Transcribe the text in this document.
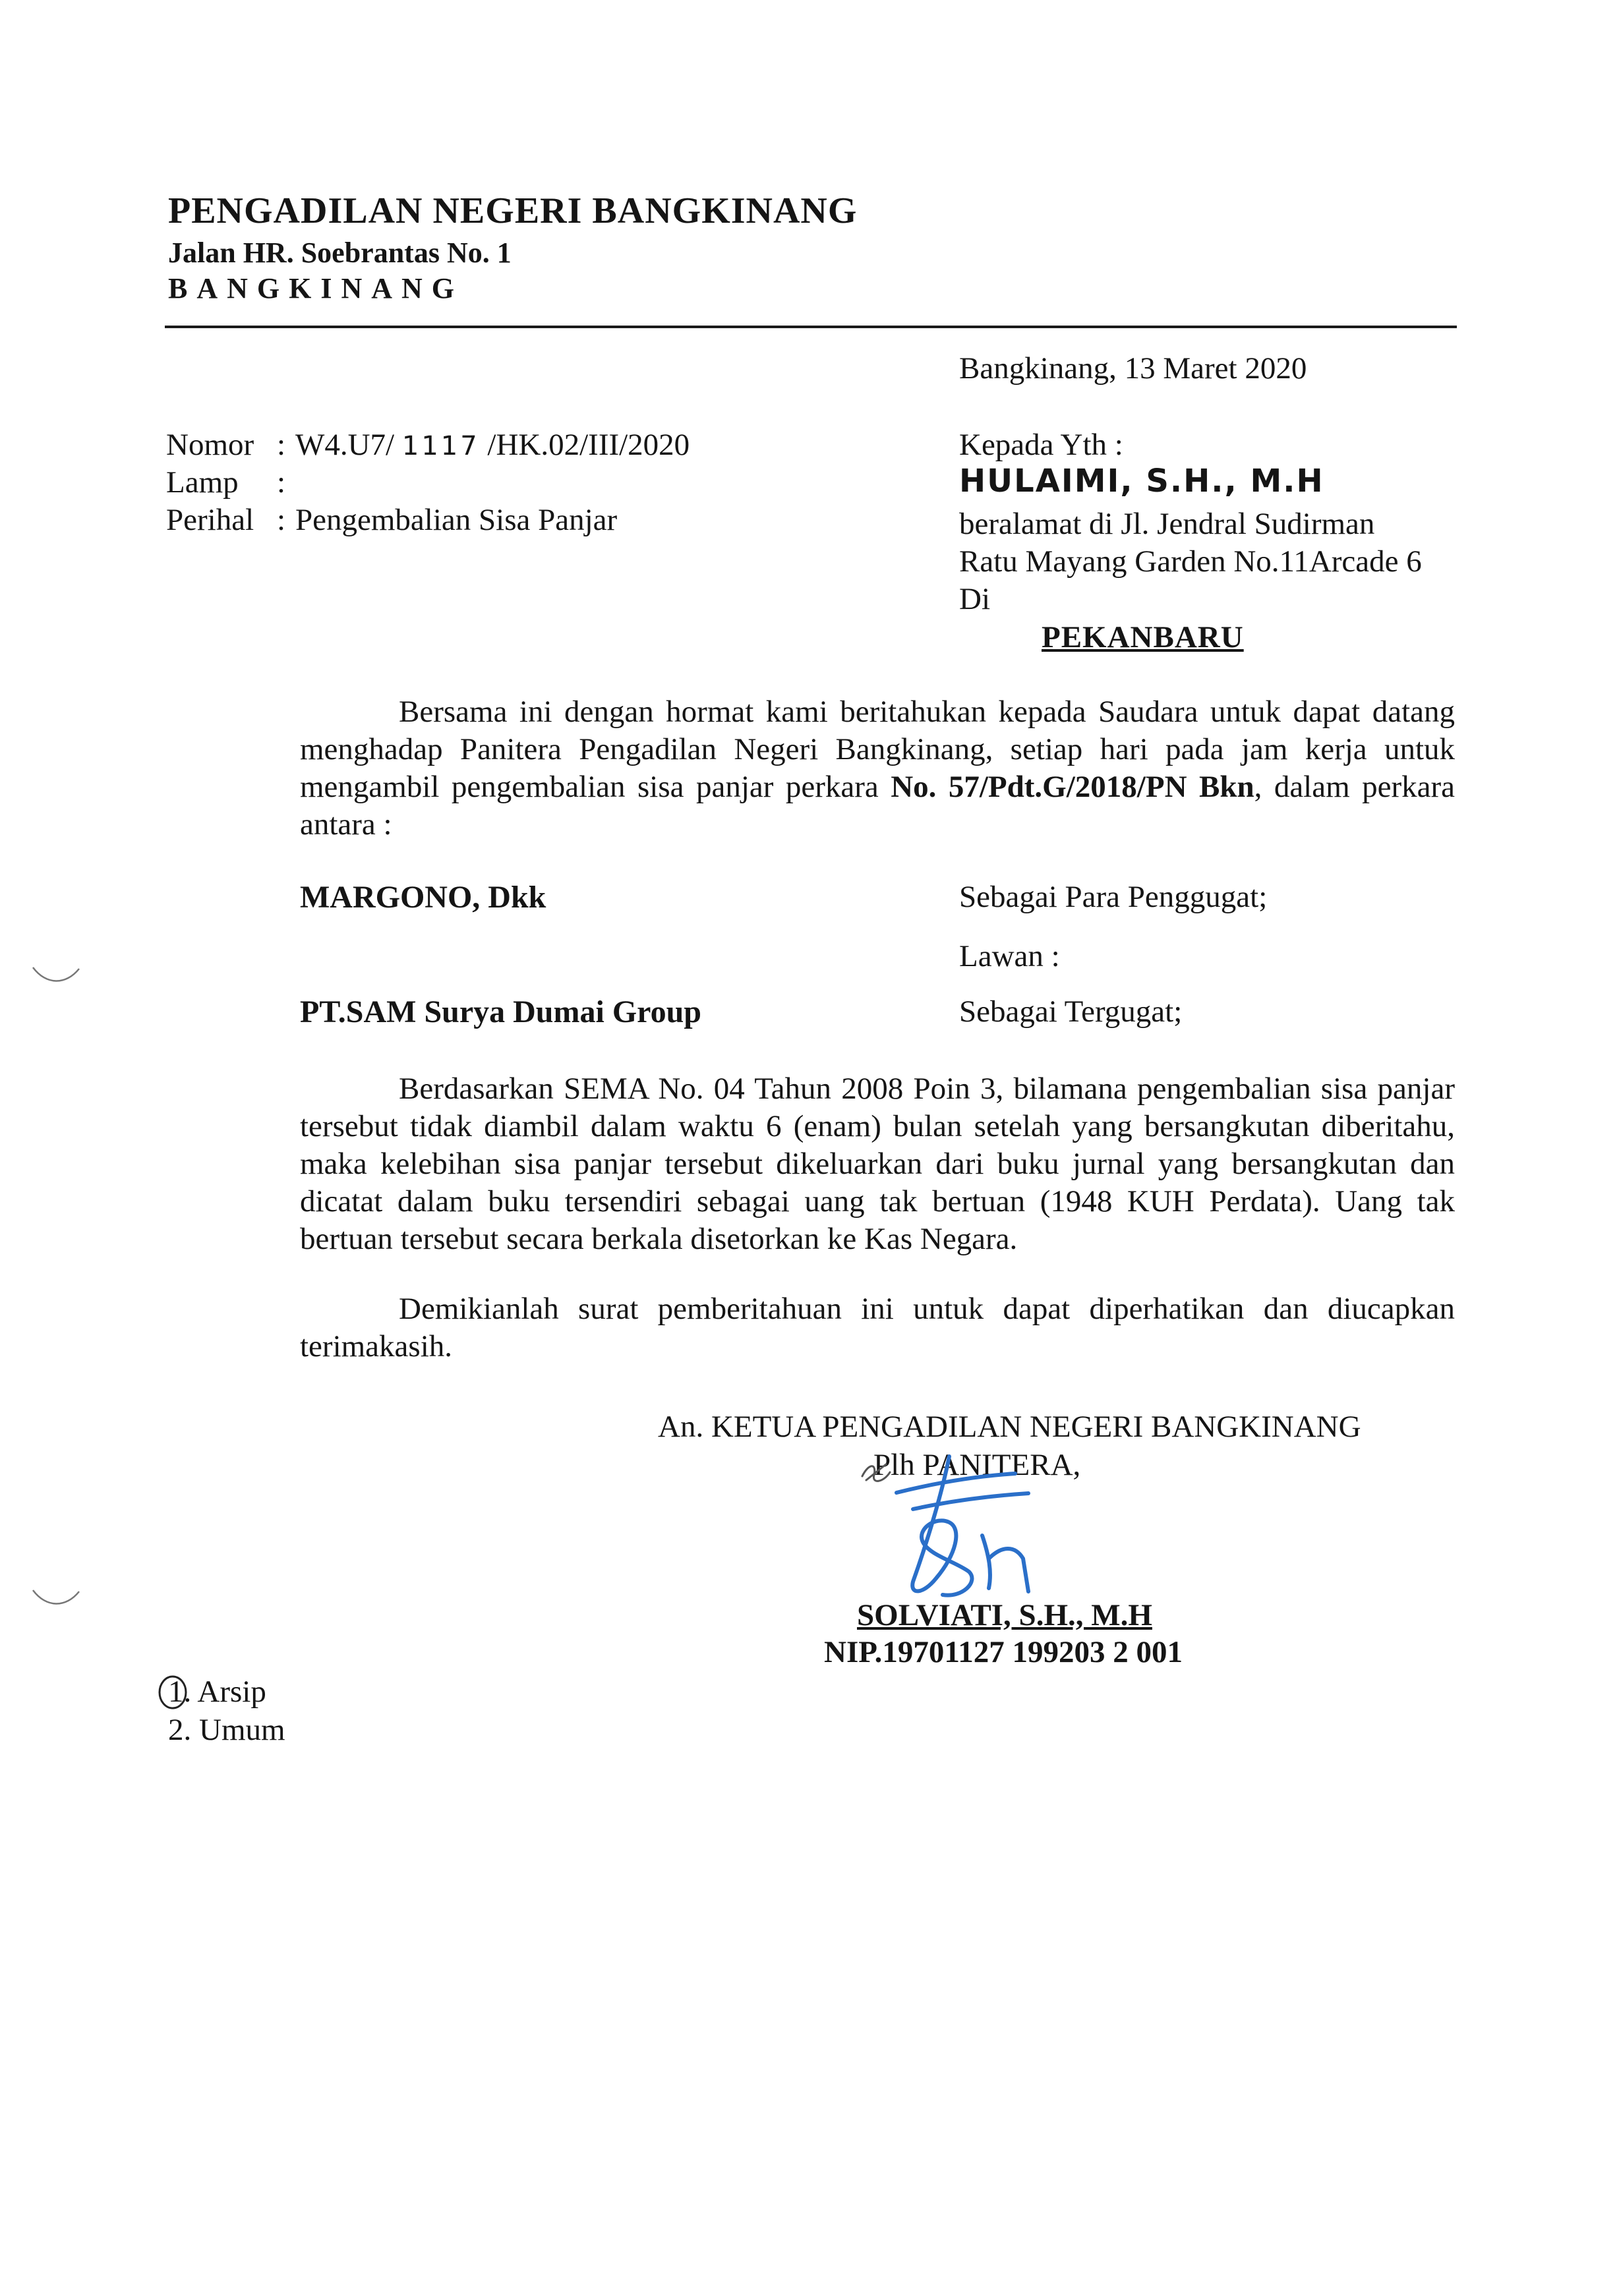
PENGADILAN NEGERI BANGKINANG
Jalan HR. Soebrantas No. 1
BANGKINANG
Bangkinang, 13 Maret 2020
Nomor : W4.U7/ 1117 /HK.02/III/2020
Lamp :
Perihal : Pengembalian Sisa Panjar
Kepada Yth :
HULAIMI, S.H., M.H
beralamat di Jl. Jendral Sudirman
Ratu Mayang Garden No.11Arcade 6
Di
PEKANBARU
Bersama ini dengan hormat kami beritahukan kepada Saudara untuk dapat datang menghadap Panitera Pengadilan Negeri Bangkinang, setiap hari pada jam kerja untuk mengambil pengembalian sisa panjar perkara No. 57/Pdt.G/2018/PN Bkn, dalam perkara antara :
MARGONO, Dkk	Sebagai Para Penggugat;
Lawan :
PT.SAM Surya Dumai Group	Sebagai Tergugat;
Berdasarkan SEMA No. 04 Tahun 2008 Poin 3, bilamana pengembalian sisa panjar tersebut tidak diambil dalam waktu 6 (enam) bulan setelah yang bersangkutan diberitahu, maka kelebihan sisa panjar tersebut dikeluarkan dari buku jurnal yang bersangkutan dan dicatat dalam buku tersendiri sebagai uang tak bertuan (1948 KUH Perdata). Uang tak bertuan tersebut secara berkala disetorkan ke Kas Negara.
Demikianlah surat pemberitahuan ini untuk dapat diperhatikan dan diucapkan terimakasih.
An. KETUA PENGADILAN NEGERI BANGKINANG
Plh PANITERA,
SOLVIATI, S.H., M.H
NIP.19701127 199203 2 001
1. Arsip
2. Umum
